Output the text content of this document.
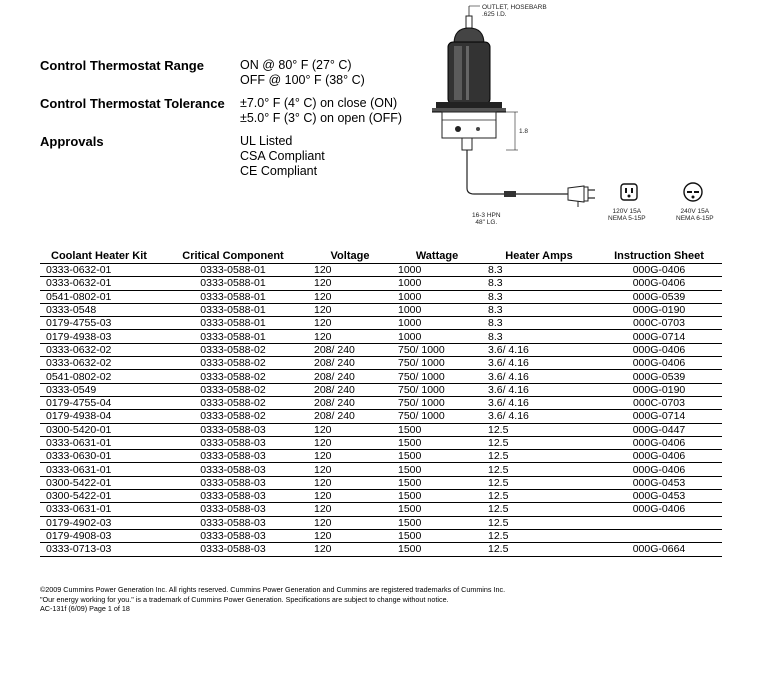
Control Thermostat Range	ON @ 80° F (27° C)
OFF @ 100° F (38° C)
Control Thermostat Tolerance ±7.0° F (4° C) on close (ON)
±5.0° F (3° C) on open (OFF)
Approvals	UL Listed
CSA Compliant
CE Compliant
OUTLET, HOSEBARB
.625 I.D.
1.8
16-3 HPN
48" LG.
120V 15A
NEMA 5-15P
240V 15A
NEMA 6-15P
Coolant Heater Kit	Critical Component	Voltage	Wattage	Heater Amps	Instruction Sheet
0333-0632-01	0333-0588-01	120	1000	8.3	000G-0406
0333-0632-01	0333-0588-01	120	1000	8.3	000G-0406
0541-0802-01	0333-0588-01	120	1000	8.3	000G-0539
0333-0548	0333-0588-01	120	1000	8.3	000G-0190
0179-4755-03	0333-0588-01	120	1000	8.3	000C-0703
0179-4938-03	0333-0588-01	120	1000	8.3	000G-0714
0333-0632-02	0333-0588-02	208/ 240	750/ 1000	3.6/ 4.16	000G-0406
0333-0632-02	0333-0588-02	208/ 240	750/ 1000	3.6/ 4.16	000G-0406
0541-0802-02	0333-0588-02	208/ 240	750/ 1000	3.6/ 4.16	000G-0539
0333-0549	0333-0588-02	208/ 240	750/ 1000	3.6/ 4.16	000G-0190
0179-4755-04	0333-0588-02	208/ 240	750/ 1000	3.6/ 4.16	000C-0703
0179-4938-04	0333-0588-02	208/ 240	750/ 1000	3.6/ 4.16	000G-0714
0300-5420-01	0333-0588-03	120	1500	12.5	000G-0447
0333-0631-01	0333-0588-03	120	1500	12.5	000G-0406
0333-0630-01	0333-0588-03	120	1500	12.5	000G-0406
0333-0631-01	0333-0588-03	120	1500	12.5	000G-0406
0300-5422-01	0333-0588-03	120	1500	12.5	000G-0453
0300-5422-01	0333-0588-03	120	1500	12.5	000G-0453
0333-0631-01	0333-0588-03	120	1500	12.5	000G-0406
0179-4902-03	0333-0588-03	120	1500	12.5	
0179-4908-03	0333-0588-03	120	1500	12.5	
0333-0713-03	0333-0588-03	120	1500	12.5	000G-0664
©2009 Cummins Power Generation Inc. All rights reserved. Cummins Power Generation and Cummins are registered trademarks of Cummins Inc.
"Our energy working for you." is a trademark of Cummins Power Generation. Specifications are subject to change without notice.
AC-131f (6/09) Page 1 of 18
